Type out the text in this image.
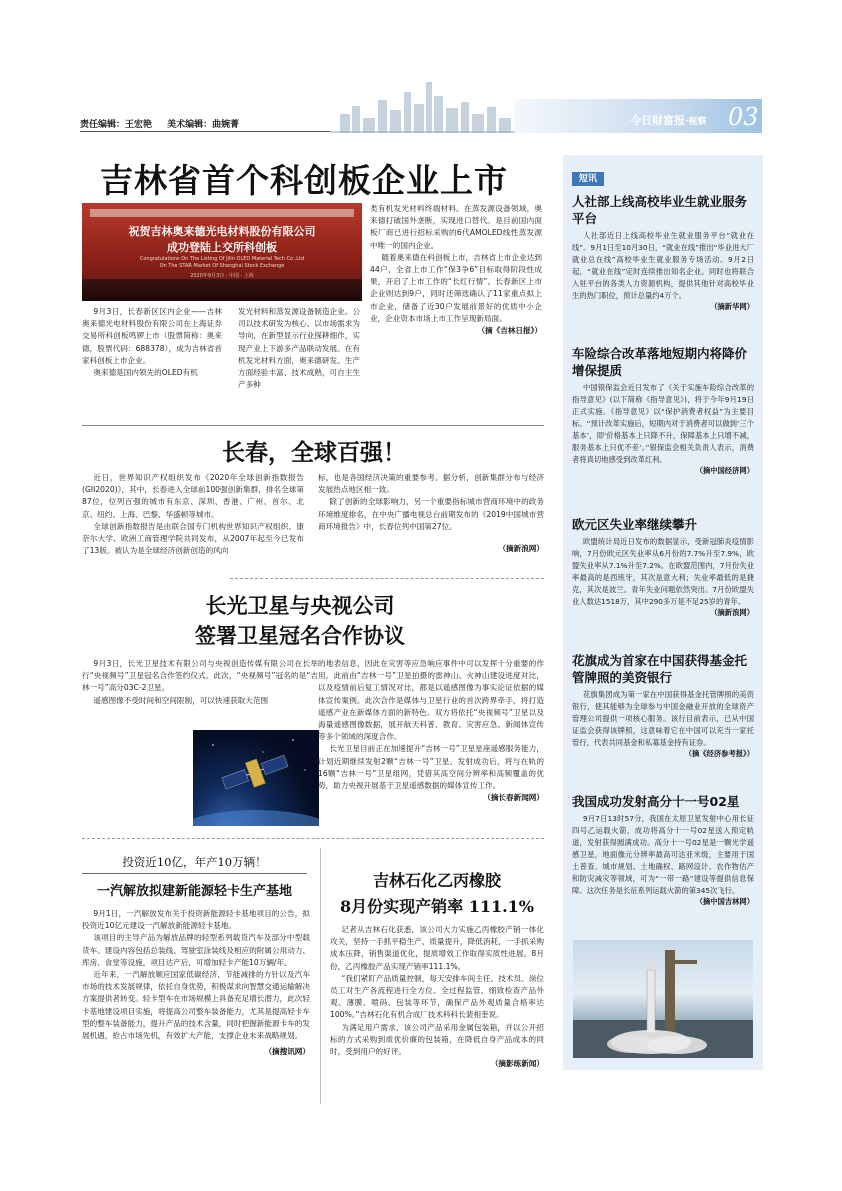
责任编辑：王宏艳 美术编辑：曲婉菁	今日财富报·视察 03
吉林省首个科创板企业上市
祝贺吉林奥来德光电材料股份有限公司
成功登陆上交所科创板
Congratulations On The Listing Of Jilin OLED Material Tech Co.,Ltd
On The STAR Market Of Shanghai Stock Exchange
2020年9月3日 · 中国 · 上海

9月3日，长春新区区内企业——吉林奥来德光电材料股份有限公司在上海证券交易所科创板鸣锣上市（股票简称：奥来德，股票代码：688378），成为吉林省首家科创板上市企业。

奥来德是国内领先的OLED有机

发光材料和蒸发源设备制造企业。公司以技术研发为核心、以市场需求为导向，在新型显示行业探耕细作，实现产业上下游多产品联动发展。在有机发光材料方面，奥来德研发、生产方面经验丰富、技术成熟，可自主生产多种

类有机发光材料终端材料。在蒸发源设备领域，奥来德打破国外垄断，实现进口替代。是目前国内面板厂商已进行招标采购的6代AMOLED线性蒸发源中唯一的国内企业。

随着奥来德在科创板上市，吉林省上市企业达到44户，全省上市工作“保3争6”目标取得阶段性成果，开启了上市工作的“长红行情”。长春新区上市企业则达到9户，同时还筛选确认了11家重点拟上市企业，储备了近30户发展前景好的优质中小企业，企业资本市场上市工作呈现新局面。

（摘《吉林日报》）

长春，全球百强！

近日，世界知识产权组织发布《2020年全球创新指数报告(GII2020)》，其中，长春进入全球前100强创新集群，排名全球第87位，位列百强的城市有东京、深圳、香港、广州、首尔、北京、纽约、上海、巴黎、华盛顿等城市。

全球创新指数报告是由联合国专门机构世界知识产权组织、康奈尔大学、欧洲工商管理学院共同发布，从2007年起至今已发布了13版。被认为是全球经济创新创造的风向

标，也是各国经济决策的重要参考。据分析，创新集群分布与经济发展热点地区相一致。

除了创新的全球影响力，另一个重要指标城市营商环境中的政务环境维度排名，在中央广播电视总台前期发布的《2019中国城市营商环境报告》中，长春位列中国第27位。

（摘新浪网）

长光卫星与央视公司
签署卫星冠名合作协议

9月3日，长光卫星技术有限公司与央视创造传媒有限公司在长举行“央视频号”卫星冠名合作签约仪式。此次，“央视频号”冠名的是“吉林一号”高分03C-2卫星。

遥感图像不受时间和空间限制，可以快速获取大范围

的地表信息，因此在灾害等应急响应事件中可以发挥十分重要的作用。此前由“吉林一号”卫星拍摄的雷神山、火神山建设进度对比，以及疫情前后复工情况对比，都是以遥感图像为事实论证依据的媒体宣传案例。此次合作是媒体与卫星行业的首次跨界牵手，将打造遥感产业在新媒体方面的新特色。双方将依托“央视频号”卫星以及海量遥感图像数据，展开航天科普、教育、灾害应急、新闻体宣传等多个领域的深度合作。

长光卫星目前正在加速提升“吉林一号”卫星星座遥感服务能力，计划近期继续发射2颗“吉林一号”卫星。发射成功后，将与在轨的16颗“吉林一号”卫星组网，凭借其高空间分辨率和高频覆盖的优势，助力央视开展基于卫星遥感数据的媒体宣传工作。

（摘长春新闻网）

投资近10亿，年产10万辆！
一汽解放拟建新能源轻卡生产基地

9月1日，一汽解放发布关于投资新能源轻卡基地项目的公告，拟投资近10亿元建设一汽解放新能源轻卡基地。

该项目的主导产品为解放品牌的轻型系列载货汽车及部分中型载货车。建设内容包括总装线、驾驶室涂装线及相应的附属公用动力、库房、食堂等设施，项目达产后，可增加轻卡产能10万辆/年。

近年来，一汽解放顺应国家低碳经济、节能减排的方针以及汽车市场的技术发展规律，依托自身优势，积极谋求向智慧交通运输解决方案提供者转变。轻卡型车在市场规模上具备充足增长潜力，此次轻卡基地建设项目实施，将提高公司整车装备能力，尤其是提高轻卡车型的整车装备能力，提升产品的技术含量，同时把握新能源卡车的发展机遇，抢占市场先机，有效扩大产能，支撑企业未来战略规划。

（摘搜讯网）

吉林石化乙丙橡胶
8月份实现产销率 111.1%

记者从吉林石化获悉，该公司大力实施乙丙橡胶产销一体化攻关，坚持一手抓平稳生产、质量提升，降低消耗，一手抓采购成本压降，销售渠道优化，提质增效工作取得实质性进展。8月份，乙丙橡胶产品实现产销率111.1%。

“我们紧盯产品质量控制，每天安排车间主任、技术员、岗位员工对生产各流程进行全方位、全过程监管，细致检查产品外观、薄膜、喷码、包装等环节，确保产品外观质量合格率达100%。”吉林石化有机合成厂技术科科长裴相奎说。

为满足用户需求，该公司产品采用金属包装箱，并以公开招标的方式采购到质优价廉的包装箱，在降低自身产品成本的同时，受到用户的好评。

（摘影练新闻）

短讯
人社部上线高校毕业生就业服务平台

人社部近日上线高校毕业生就业服务平台“就业在线”。9月1日至10月30日，“就业在线”推出“毕业进大厂 就业总在线”高校毕业生就业服务专场活动。9月2日起，“就业在线”定时连续推出知名企业。同时也将联合入驻平台的各类人力资源机构，提供其他针对高校毕业生的热门职位，预计总量约4万个。

（摘新华网）

车险综合改革落地短期内将降价增保提质

中国银保监会近日发布了《关于实施车险综合改革的指导意见》(以下简称《指导意见》)，将于今年9月19日正式实施。《指导意见》以“保护消费者权益”为主要目标。“预计改革实施后，短期内对于消费者可以做到‘三个基本’，即‘价格基本上只降不升，保障基本上只增不减，服务基本上只优不差’。”银保监会相关负责人表示，消费者将真切地感受到改革红利。

（摘中国经济网）

欧元区失业率继续攀升

欧盟统计局近日发布的数据显示，受新冠肺炎疫情影响，7月份欧元区失业率从6月份的7.7%升至7.9%，欧盟失业率从7.1%升至7.2%。在欧盟范围内，7月份失业率最高的是西班牙，其次是意大利；失业率最低的是捷克，其次是波兰。青年失业问题依然突出。7月份欧盟失业人数达1518万，其中290多万是不足25岁的青年。

（摘新浪网）

花旗成为首家在中国获得基金托管牌照的美资银行

花旗集团成为第一家在中国获得基金托管牌照的美资银行，使其能够为全球参与中国金融业开放的全球资产管理公司提供一项核心服务。该行目前表示，已从中国证监会获得该牌照，这意味着它在中国可以充当一家托管行，代表共同基金和私募基金持有证券。

（摘《经济参考报》）

我国成功发射高分十一号02星

9月7日13时57分，我国在太原卫星发射中心用长征四号乙运载火箭，成功将高分十一号02星送入预定轨道，发射获得圆满成功。高分十一号02星是一颗光学遥感卫星，地面像元分辨率最高可达亚米级，主要用于国土普查、城市规划、土地确权、路网设计、农作物估产和防灾减灾等领域，可为“一带一路”建设等提供信息保障。这次任务是长征系列运载火箭的第345次飞行。

（摘中国吉林网）
